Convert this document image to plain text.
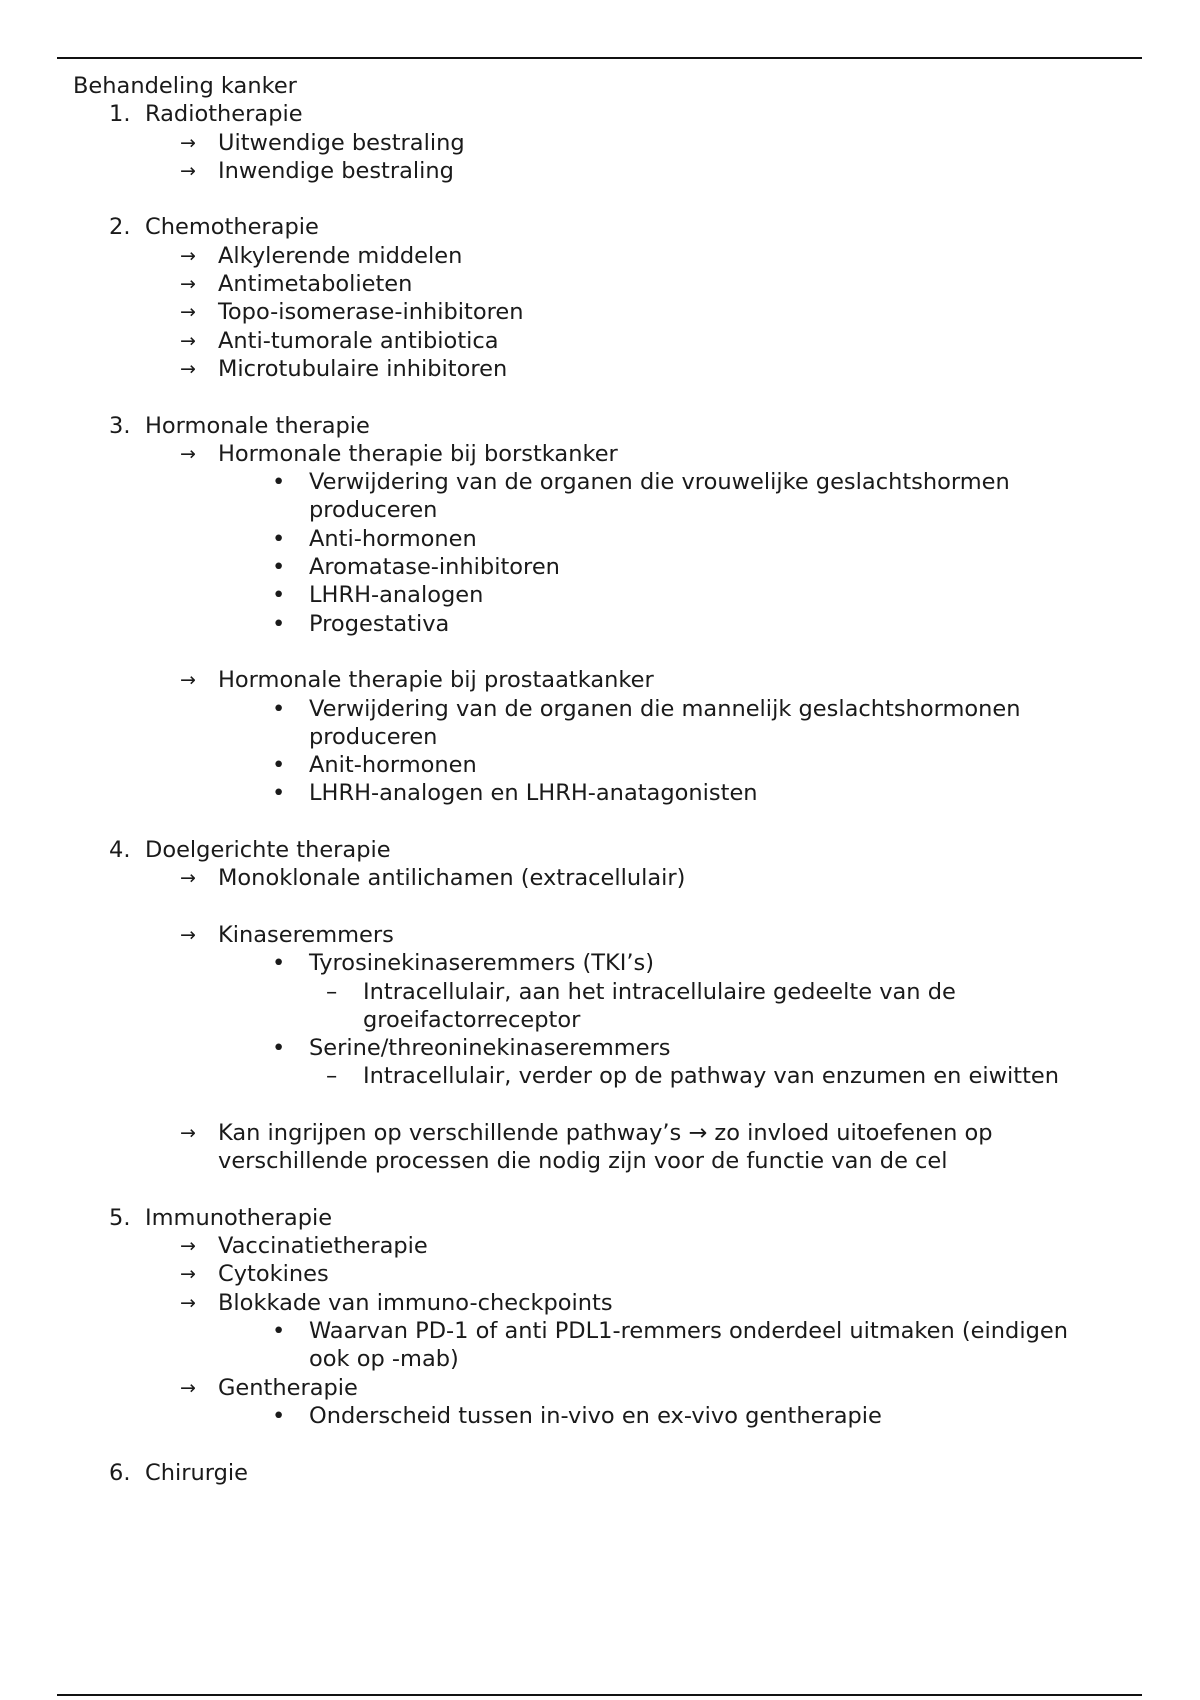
Behandeling kanker
1. Radiotherapie
→ Uitwendige bestraling
→ Inwendige bestraling
2. Chemotherapie
→ Alkylerende middelen
→ Antimetabolieten
→ Topo-isomerase-inhibitoren
→ Anti-tumorale antibiotica
→ Microtubulaire inhibitoren
3. Hormonale therapie
→ Hormonale therapie bij borstkanker
• Verwijdering van de organen die vrouwelijke geslachtshormen
produceren
• Anti-hormonen
• Aromatase-inhibitoren
• LHRH-analogen
• Progestativa
→ Hormonale therapie bij prostaatkanker
• Verwijdering van de organen die mannelijk geslachtshormonen
produceren
• Anit-hormonen
• LHRH-analogen en LHRH-anatagonisten
4. Doelgerichte therapie
→ Monoklonale antilichamen (extracellulair)
→ Kinaseremmers
• Tyrosinekinaseremmers (TKI’s)
– Intracellulair, aan het intracellulaire gedeelte van de
groeifactorreceptor
• Serine/threoninekinaseremmers
– Intracellulair, verder op de pathway van enzumen en eiwitten
→ Kan ingrijpen op verschillende pathway’s → zo invloed uitoefenen op
verschillende processen die nodig zijn voor de functie van de cel
5. Immunotherapie
→ Vaccinatietherapie
→ Cytokines
→ Blokkade van immuno-checkpoints
• Waarvan PD-1 of anti PDL1-remmers onderdeel uitmaken (eindigen
ook op -mab)
→ Gentherapie
• Onderscheid tussen in-vivo en ex-vivo gentherapie
6. Chirurgie
